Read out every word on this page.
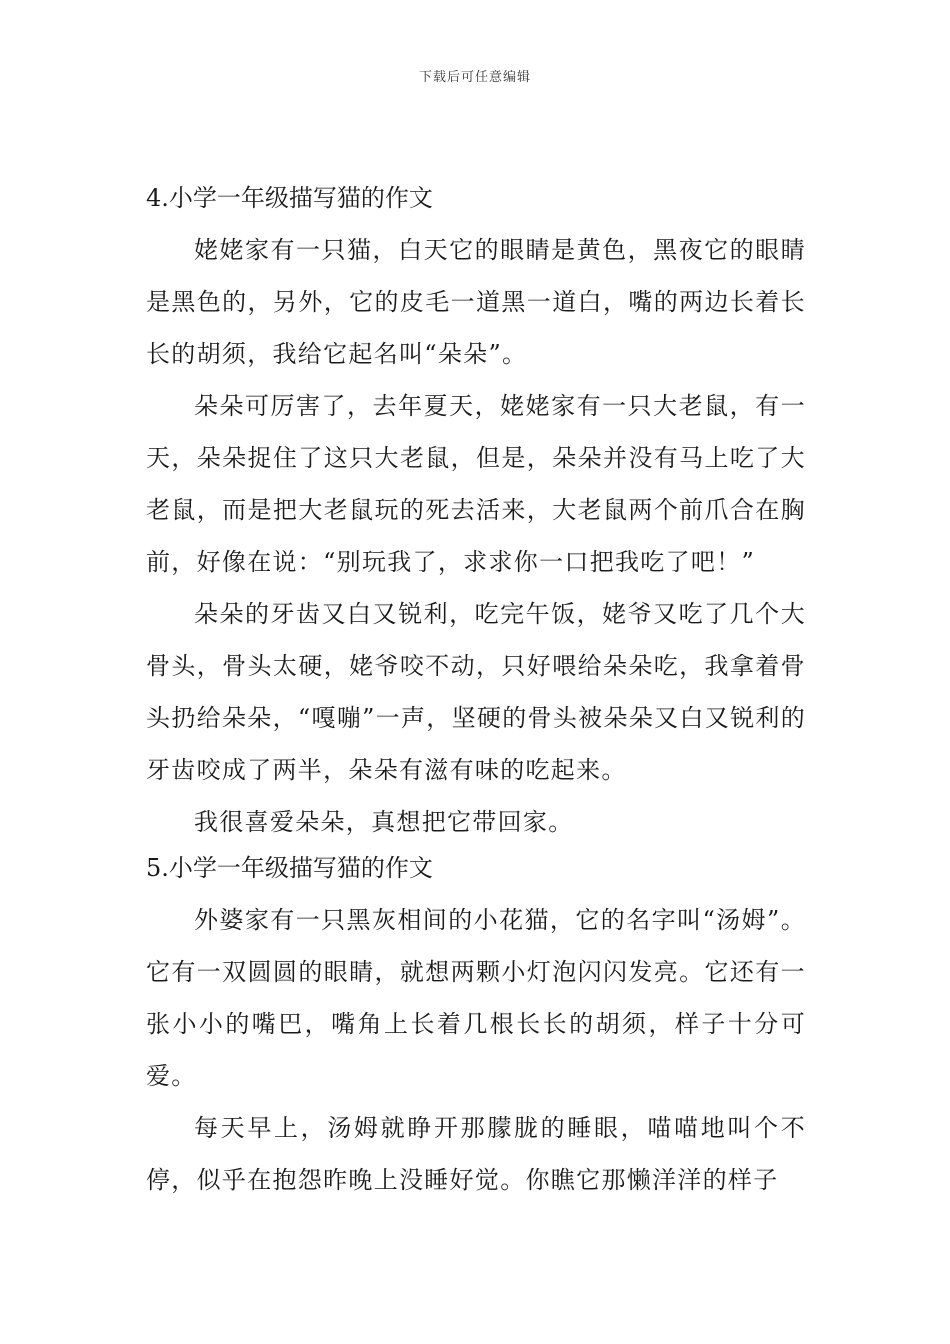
下载后可任意编辑
4.小学一年级描写猫的作文

姥姥家有一只猫，白天它的眼睛是黄色，黑夜它的眼睛是黑色的，另外，它的皮毛一道黑一道白，嘴的两边长着长长的胡须，我给它起名叫“朵朵”。

朵朵可厉害了，去年夏天，姥姥家有一只大老鼠，有一天，朵朵捉住了这只大老鼠，但是，朵朵并没有马上吃了大老鼠，而是把大老鼠玩的死去活来，大老鼠两个前爪合在胸前，好像在说：“别玩我了，求求你一口把我吃了吧！”

朵朵的牙齿又白又锐利，吃完午饭，姥爷又吃了几个大骨头，骨头太硬，姥爷咬不动，只好喂给朵朵吃，我拿着骨头扔给朵朵，“嘎嘣”一声，坚硬的骨头被朵朵又白又锐利的牙齿咬成了两半，朵朵有滋有味的吃起来。

我很喜爱朵朵，真想把它带回家。

5.小学一年级描写猫的作文

外婆家有一只黑灰相间的小花猫，它的名字叫“汤姆”。它有一双圆圆的眼睛，就想两颗小灯泡闪闪发亮。它还有一张小小的嘴巴，嘴角上长着几根长长的胡须，样子十分可爱。

每天早上，汤姆就睁开那朦胧的睡眼，喵喵地叫个不停，似乎在抱怨昨晚上没睡好觉。你瞧它那懒洋洋的样子
